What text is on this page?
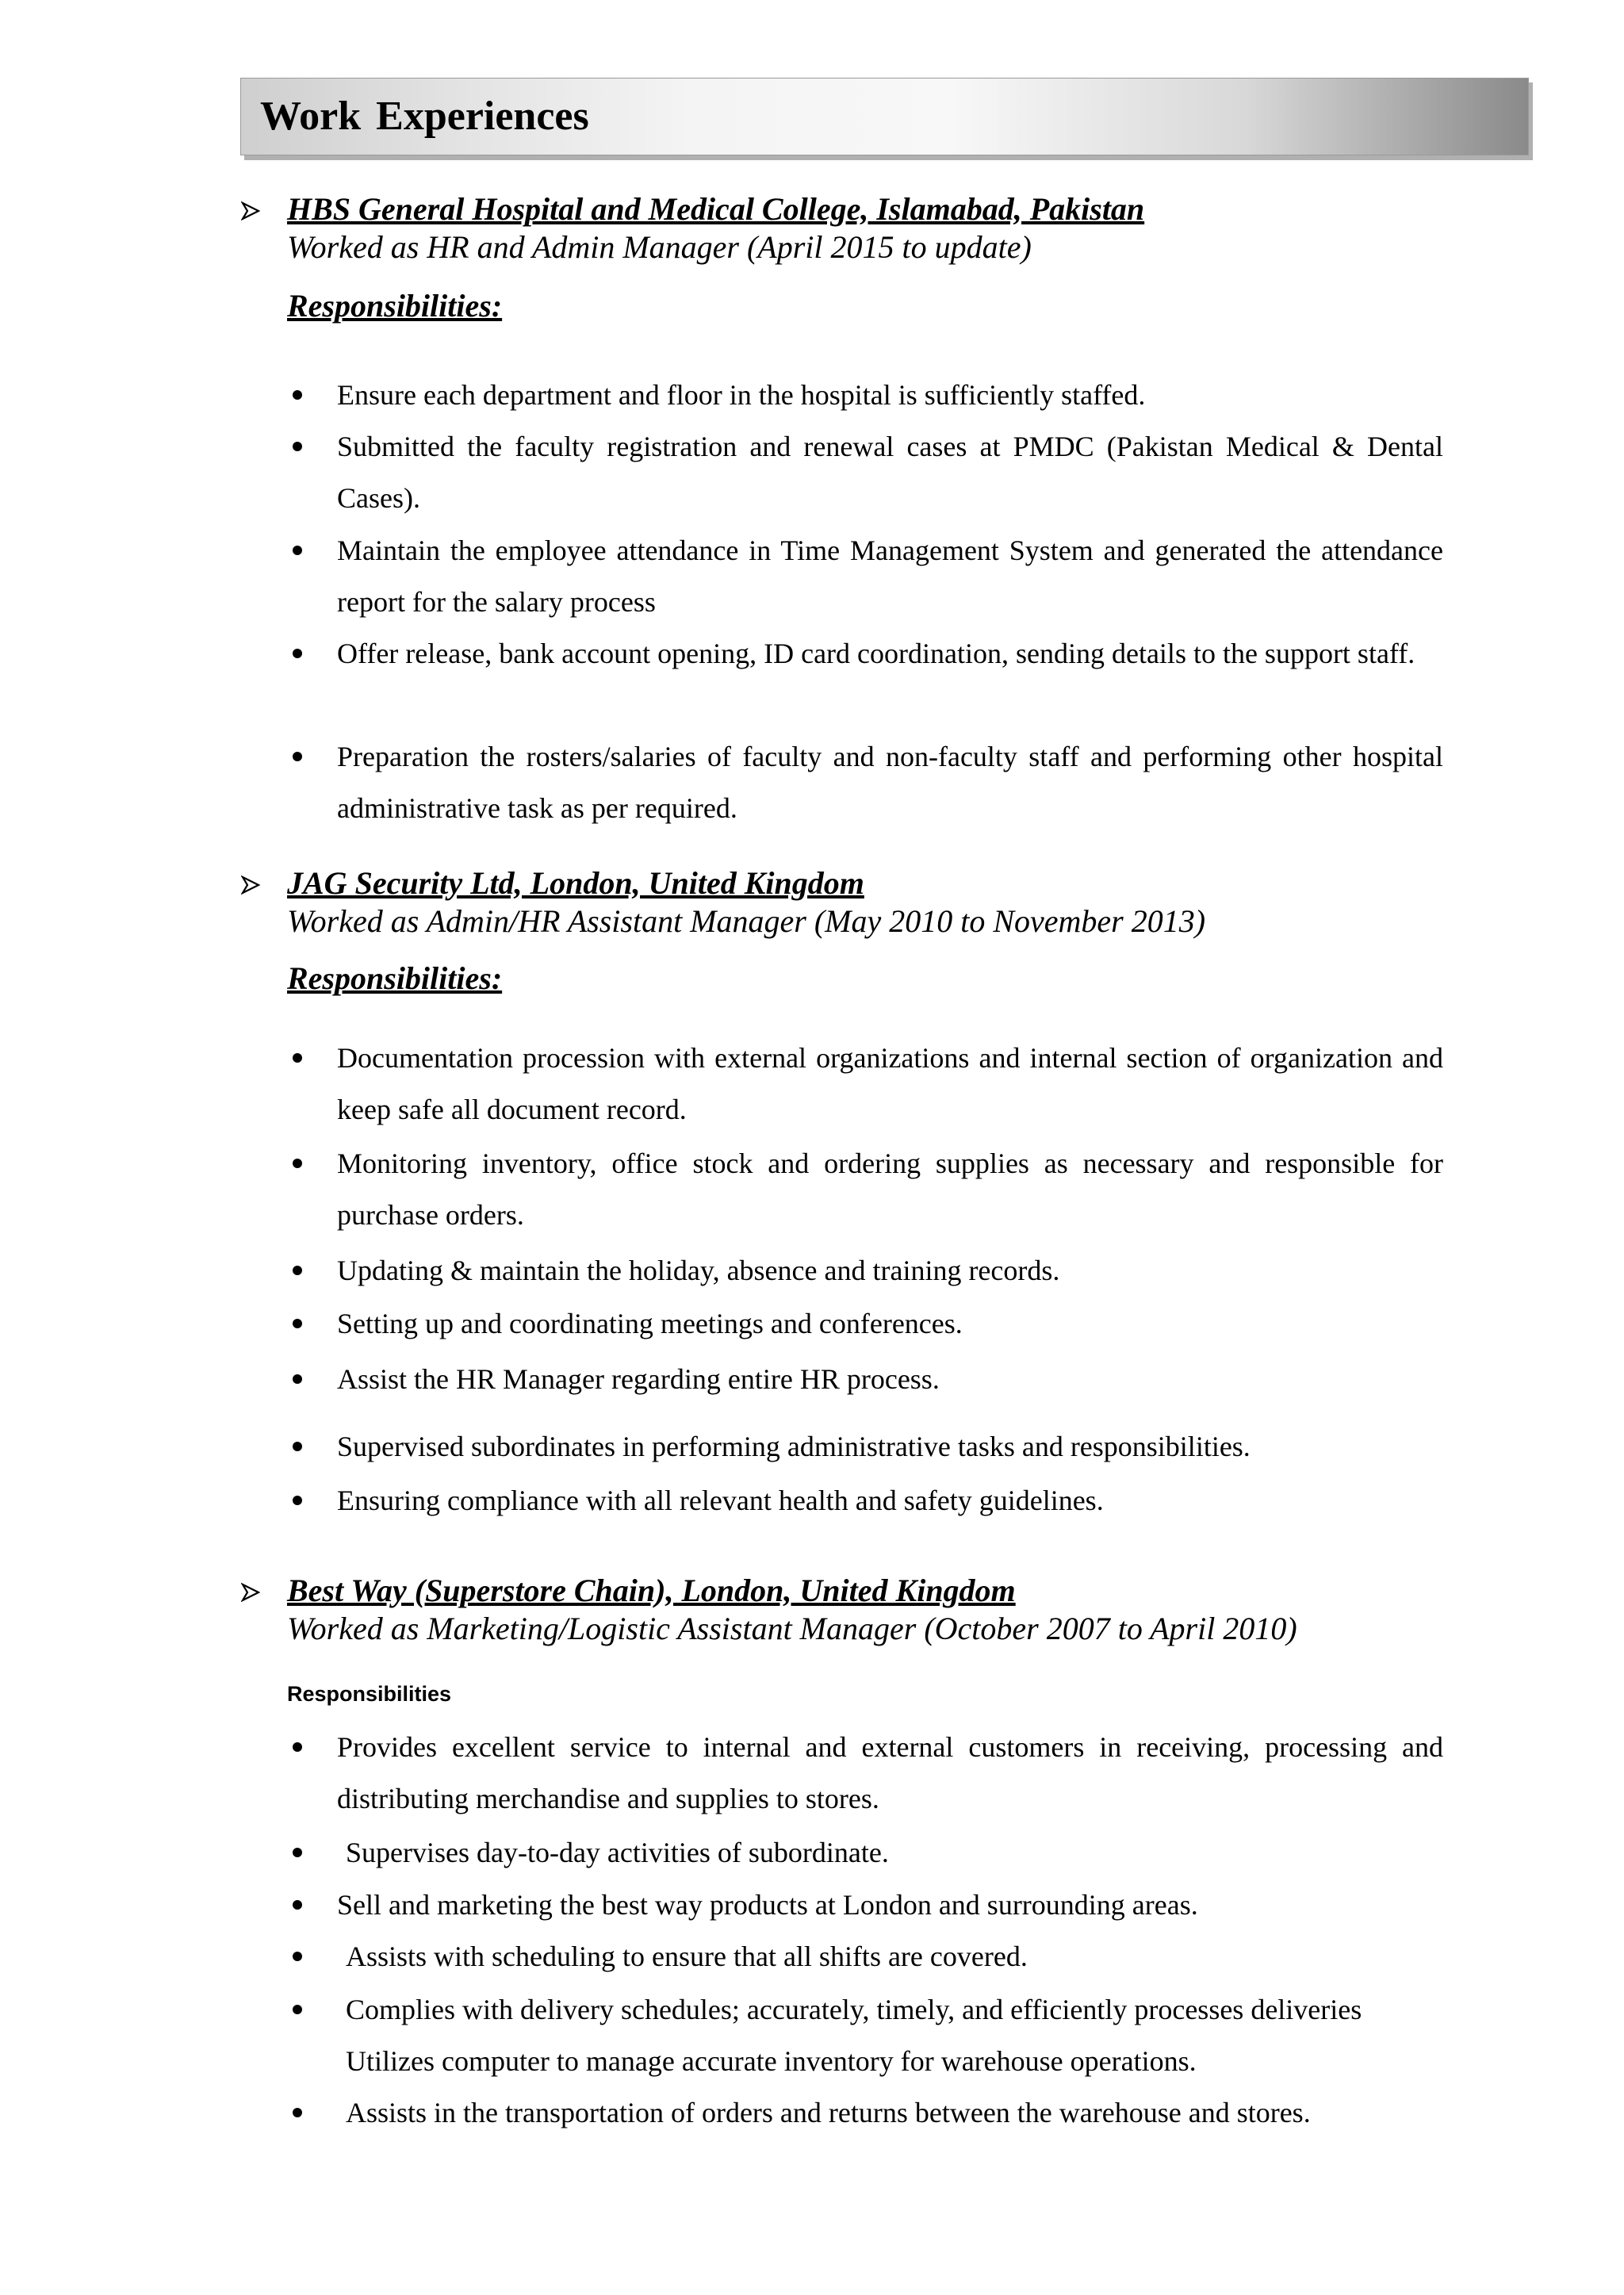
Work Experiences

HBS General Hospital and Medical College, Islamabad, Pakistan

Worked as HR and Admin Manager (April 2015 to update)

Responsibilities:

Ensure each department and floor in the hospital is sufficiently staffed.

Submitted the faculty registration and renewal cases at PMDC (Pakistan Medical & Dental Cases).

Maintain the employee attendance in Time Management System and generated the attendance report for the salary process

Offer release, bank account opening, ID card coordination, sending details to the support staff.

Preparation the rosters/salaries of faculty and non-faculty staff and performing other hospital administrative task as per required.

JAG Security Ltd, London, United Kingdom

Worked as Admin/HR Assistant Manager (May 2010 to November 2013)

Responsibilities:

Documentation procession with external organizations and internal section of organization and keep safe all document record.

Monitoring inventory, office stock and ordering supplies as necessary and responsible for purchase orders.

Updating & maintain the holiday, absence and training records.

Setting up and coordinating meetings and conferences.

Assist the HR Manager regarding entire HR process.

Supervised subordinates in performing administrative tasks and responsibilities.

Ensuring compliance with all relevant health and safety guidelines.

Best Way (Superstore Chain), London, United Kingdom

Worked as Marketing/Logistic Assistant Manager (October 2007 to April 2010)

Responsibilities

Provides excellent service to internal and external customers in receiving, processing and distributing merchandise and supplies to stores.

Supervises day-to-day activities of subordinate.

Sell and marketing the best way products at London and surrounding areas.

Assists with scheduling to ensure that all shifts are covered.

Complies with delivery schedules; accurately, timely, and efficiently processes deliveries

Utilizes computer to manage accurate inventory for warehouse operations.

Assists in the transportation of orders and returns between the warehouse and stores.
